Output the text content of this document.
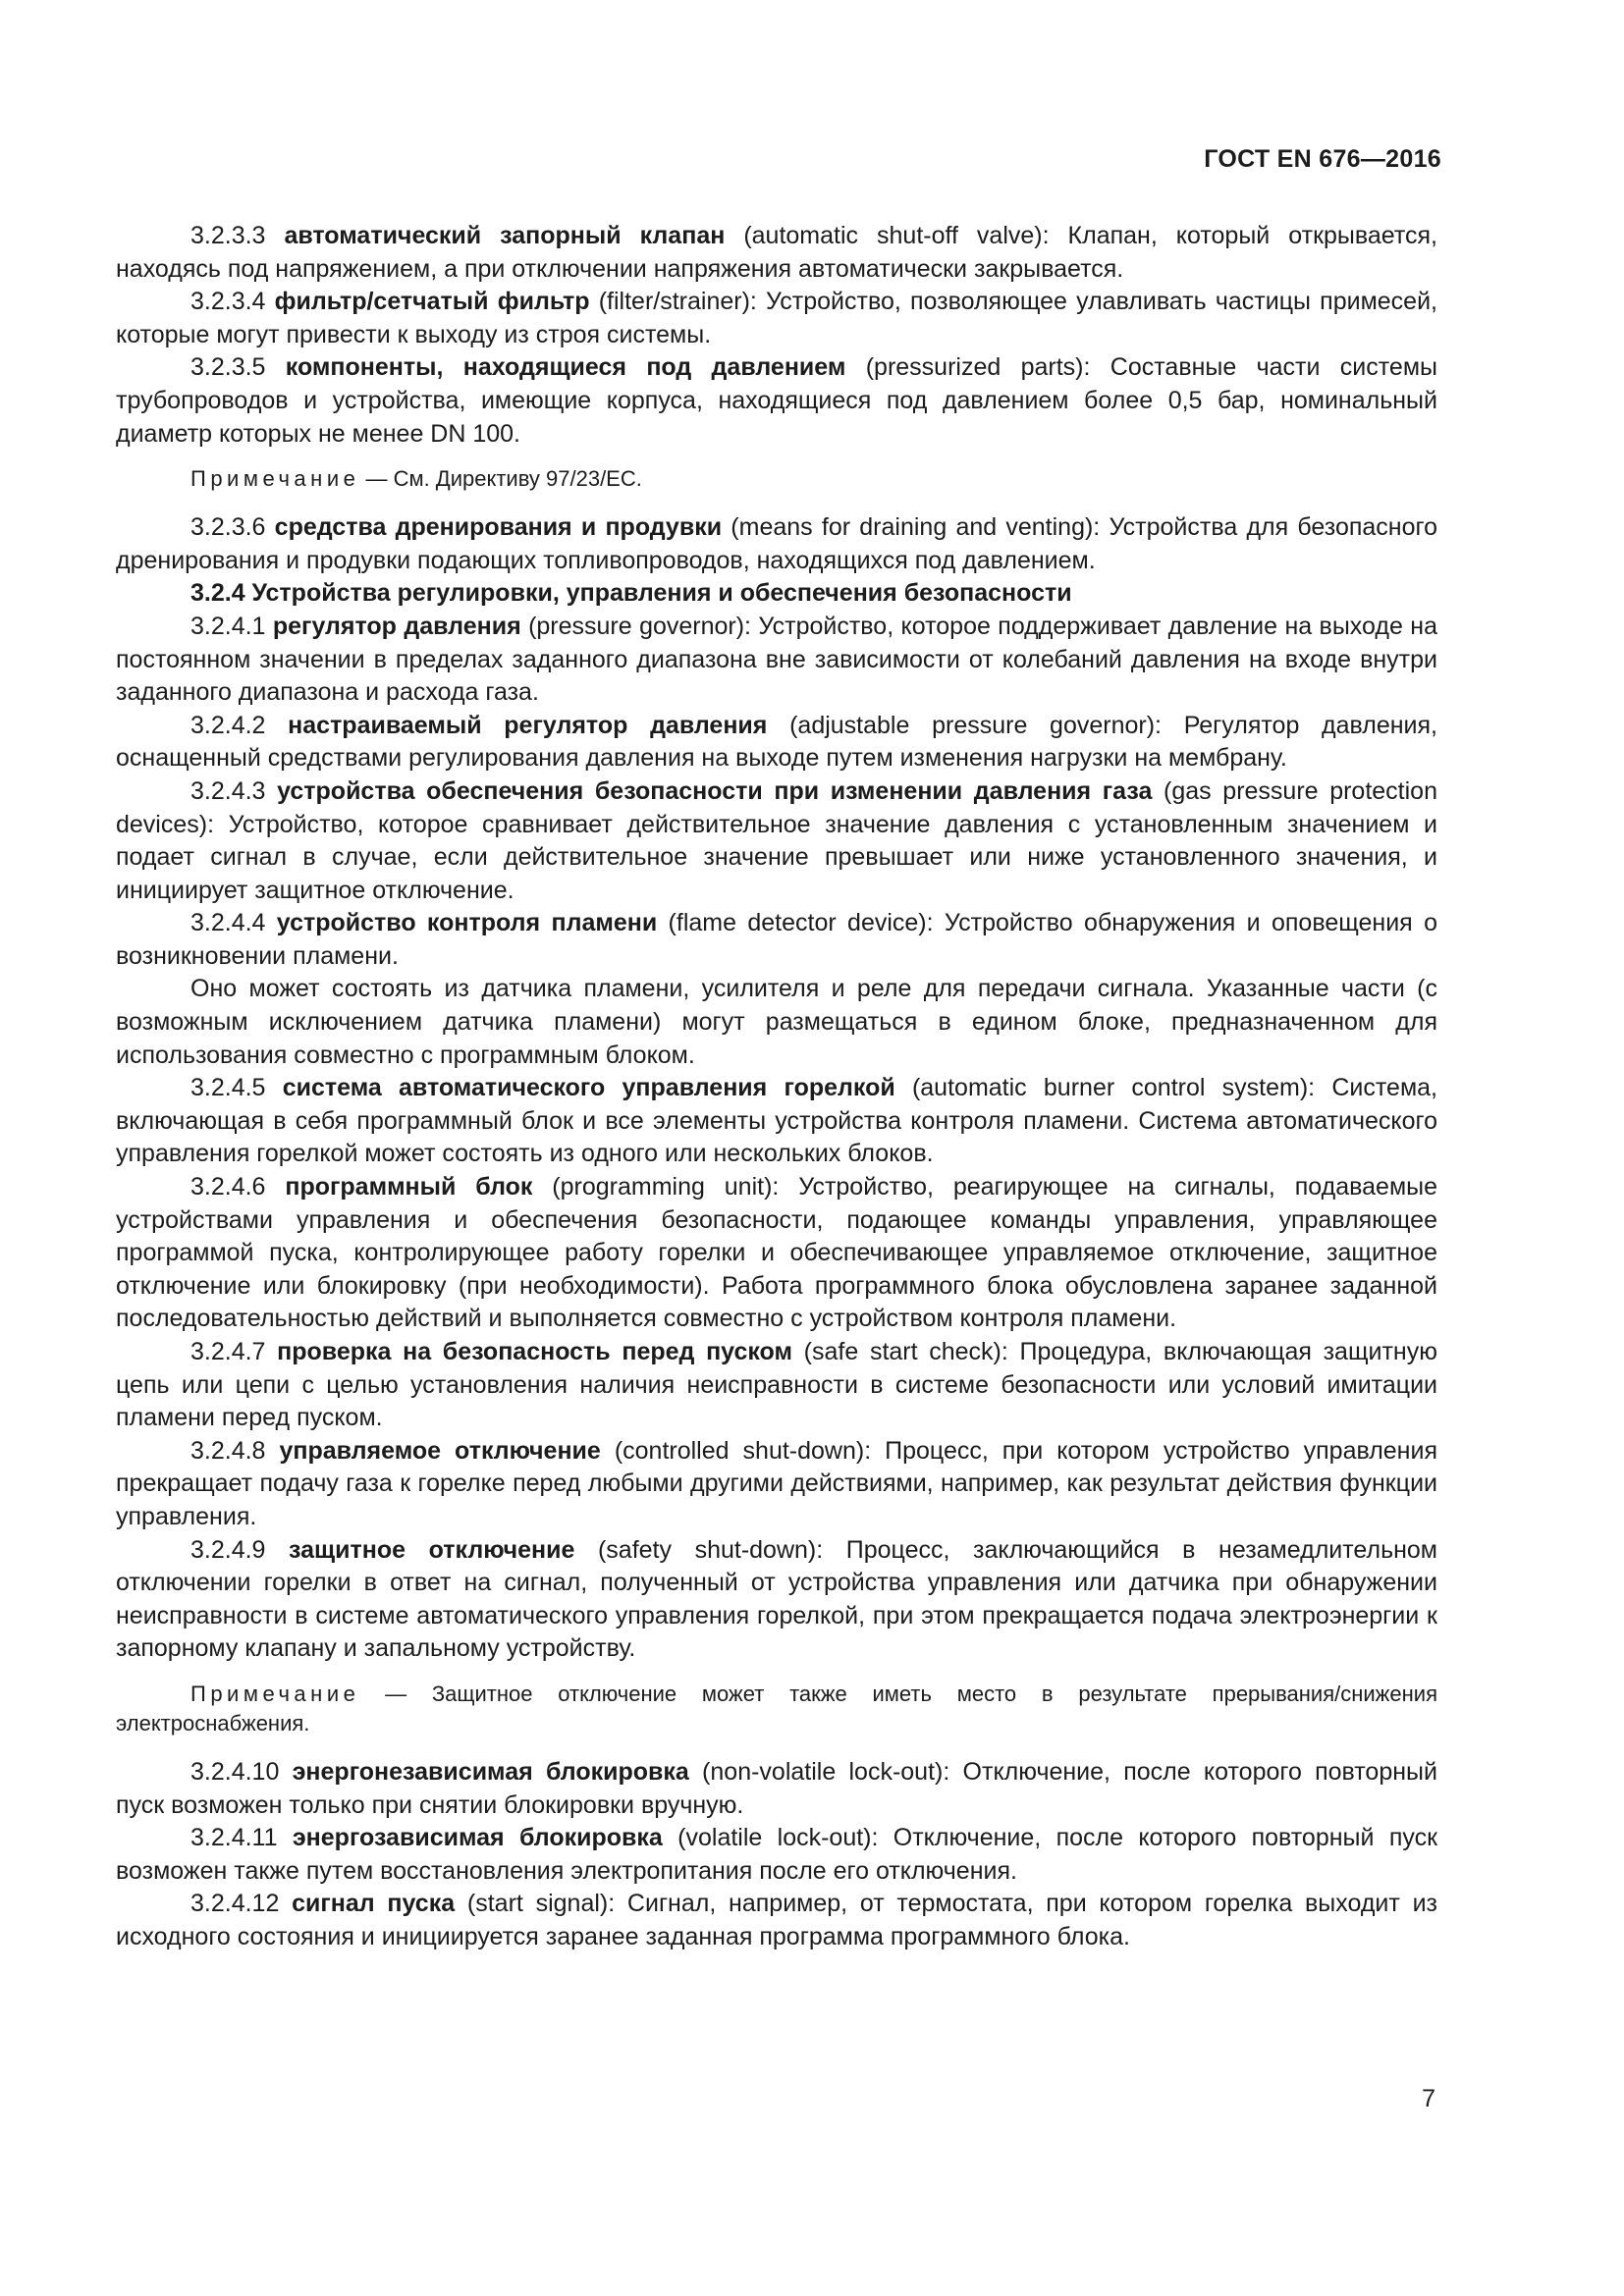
ГОСТ EN 676—2016

3.2.3.3 автоматический запорный клапан (automatic shut-off valve): Клапан, который открывается, находясь под напряжением, а при отключении напряжения автоматически закрывается.

3.2.3.4 фильтр/сетчатый фильтр (filter/strainer): Устройство, позволяющее улавливать частицы примесей, которые могут привести к выходу из строя системы.

3.2.3.5 компоненты, находящиеся под давлением (pressurized parts): Составные части системы трубопроводов и устройства, имеющие корпуса, находящиеся под давлением более 0,5 бар, номинальный диаметр которых не менее DN 100.

Примечание — См. Директиву 97/23/ЕС.

3.2.3.6 средства дренирования и продувки (means for draining and venting): Устройства для безопасного дренирования и продувки подающих топливопроводов, находящихся под давлением.

3.2.4 Устройства регулировки, управления и обеспечения безопасности

3.2.4.1 регулятор давления (pressure governor): Устройство, которое поддерживает давление на выходе на постоянном значении в пределах заданного диапазона вне зависимости от колебаний давления на входе внутри заданного диапазона и расхода газа.

3.2.4.2 настраиваемый регулятор давления (adjustable pressure governor): Регулятор давления, оснащенный средствами регулирования давления на выходе путем изменения нагрузки на мембрану.

3.2.4.3 устройства обеспечения безопасности при изменении давления газа (gas pressure protection devices): Устройство, которое сравнивает действительное значение давления с установленным значением и подает сигнал в случае, если действительное значение превышает или ниже установленного значения, и инициирует защитное отключение.

3.2.4.4 устройство контроля пламени (flame detector device): Устройство обнаружения и оповещения о возникновении пламени.

Оно может состоять из датчика пламени, усилителя и реле для передачи сигнала. Указанные части (с возможным исключением датчика пламени) могут размещаться в едином блоке, предназначенном для использования совместно с программным блоком.

3.2.4.5 система автоматического управления горелкой (automatic burner control system): Система, включающая в себя программный блок и все элементы устройства контроля пламени. Система автоматического управления горелкой может состоять из одного или нескольких блоков.

3.2.4.6 программный блок (programming unit): Устройство, реагирующее на сигналы, подаваемые устройствами управления и обеспечения безопасности, подающее команды управления, управляющее программой пуска, контролирующее работу горелки и обеспечивающее управляемое отключение, защитное отключение или блокировку (при необходимости). Работа программного блока обусловлена заранее заданной последовательностью действий и выполняется совместно с устройством контроля пламени.

3.2.4.7 проверка на безопасность перед пуском (safe start check): Процедура, включающая защитную цепь или цепи с целью установления наличия неисправности в системе безопасности или условий имитации пламени перед пуском.

3.2.4.8 управляемое отключение (controlled shut-down): Процесс, при котором устройство управления прекращает подачу газа к горелке перед любыми другими действиями, например, как результат действия функции управления.

3.2.4.9 защитное отключение (safety shut-down): Процесс, заключающийся в незамедлительном отключении горелки в ответ на сигнал, полученный от устройства управления или датчика при обнаружении неисправности в системе автоматического управления горелкой, при этом прекращается подача электроэнергии к запорному клапану и запальному устройству.

Примечание — Защитное отключение может также иметь место в результате прерывания/снижения электроснабжения.

3.2.4.10 энергонезависимая блокировка (non-volatile lock-out): Отключение, после которого повторный пуск возможен только при снятии блокировки вручную.

3.2.4.11 энергозависимая блокировка (volatile lock-out): Отключение, после которого повторный пуск возможен также путем восстановления электропитания после его отключения.

3.2.4.12 сигнал пуска (start signal): Сигнал, например, от термостата, при котором горелка выходит из исходного состояния и инициируется заранее заданная программа программного блока.

7
